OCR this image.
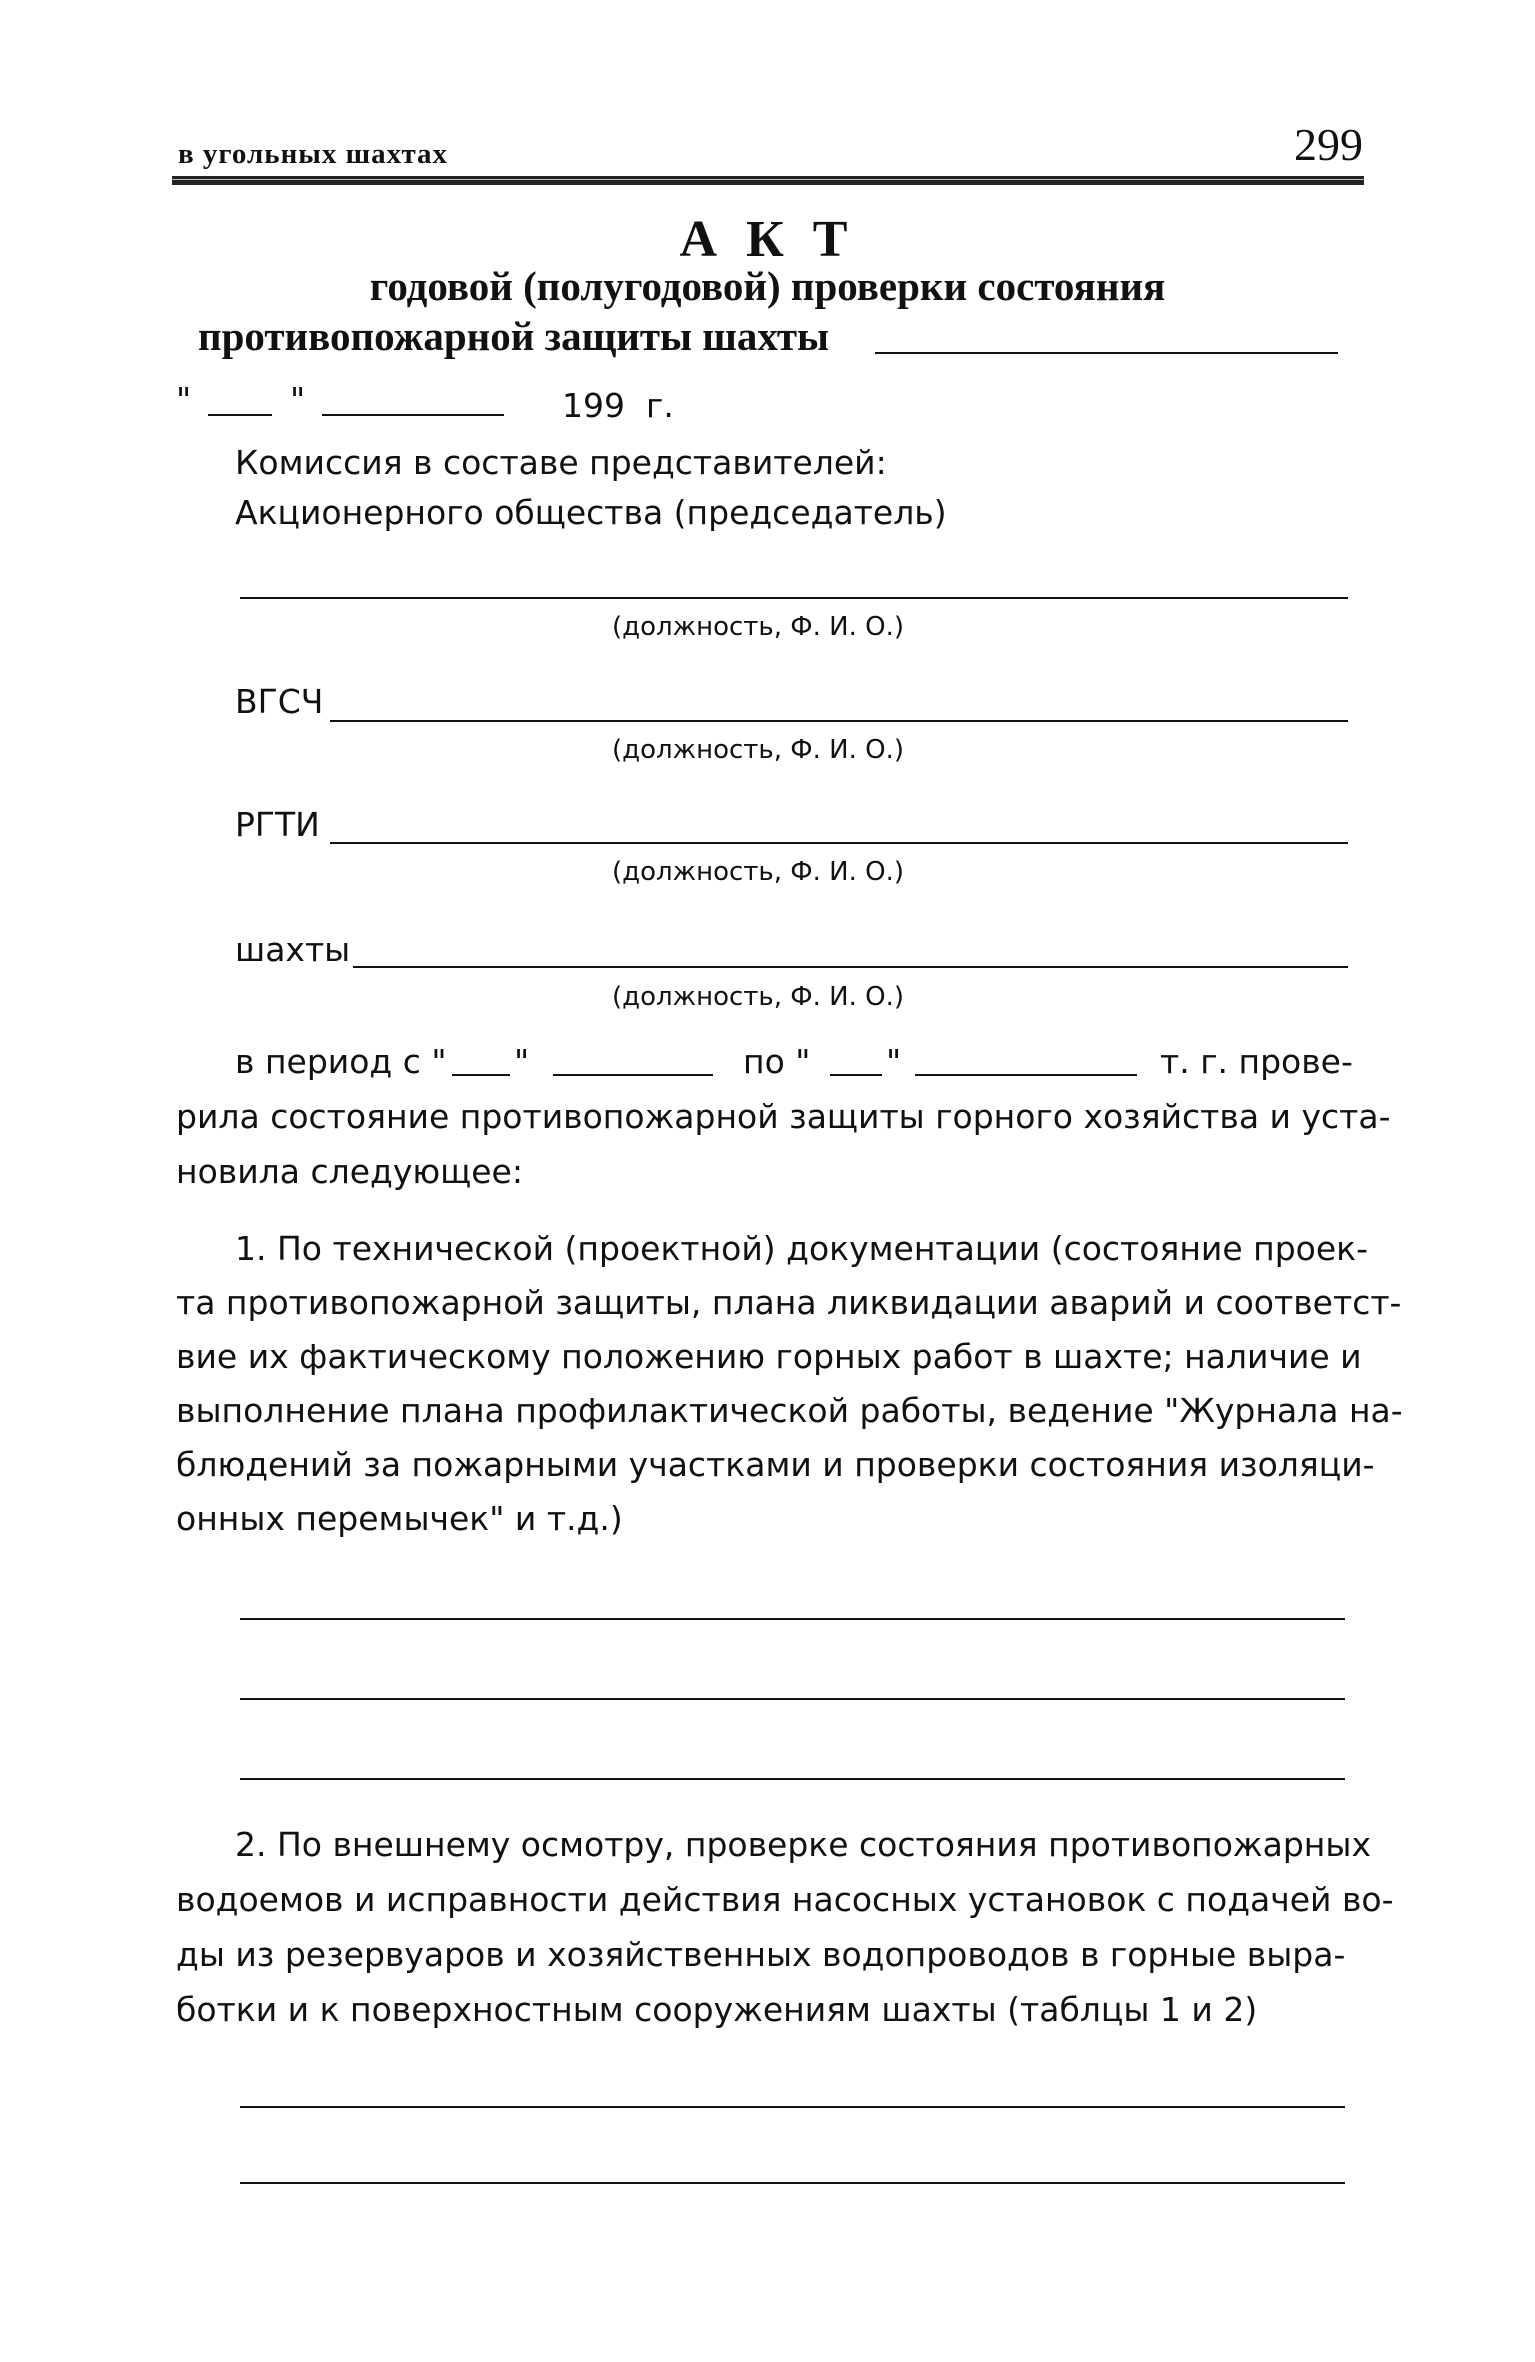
в угольных шахтах	299
А К Т
годовой (полугодовой) проверки состояния
противопожарной защиты шахты
"	"	199 г.
Комиссия в составе представителей:
Акционерного общества (председатель)
(должность, Ф. И. О.)
ВГСЧ
(должность, Ф. И. О.)
РГТИ
(должность, Ф. И. О.)
шахты
(должность, Ф. И. О.)
в период с " "	по " "	т. г. прове-
рила состояние противопожарной защиты горного хозяйства и уста-
новила следующее:
1. По технической (проектной) документации (состояние проек-
та противопожарной защиты, плана ликвидации аварий и соответст-
вие их фактическому положению горных работ в шахте; наличие и
выполнение плана профилактической работы, ведение "Журнала на-
блюдений за пожарными участками и проверки состояния изоляци-
онных перемычек" и т.д.)
2. По внешнему осмотру, проверке состояния противопожарных
водоемов и исправности действия насосных установок с подачей во-
ды из резервуаров и хозяйственных водопроводов в горные выра-
ботки и к поверхностным сооружениям шахты (таблцы 1 и 2)
